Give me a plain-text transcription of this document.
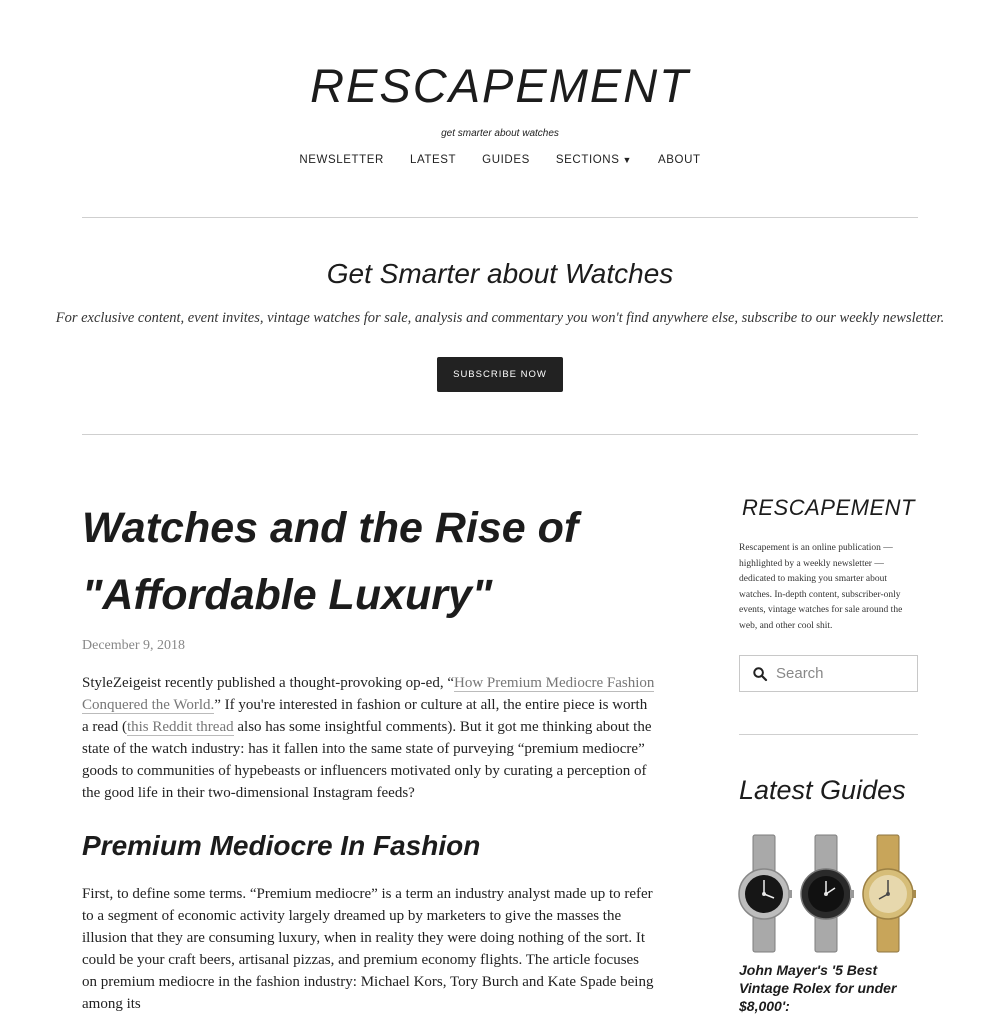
RESCAPEMENT
get smarter about watches
NEWSLETTER LATEST GUIDES SECTIONS ▼ ABOUT
Get Smarter about Watches
For exclusive content, event invites, vintage watches for sale, analysis and commentary you won't find anywhere else, subscribe to our weekly newsletter.
SUBSCRIBE NOW
Watches and the Rise of "Affordable Luxury"
December 9, 2018

StyleZeigeist recently published a thought-provoking op-ed, “How Premium Mediocre Fashion Conquered the World.” If you're interested in fashion or culture at all, the entire piece is worth a read (this Reddit thread also has some insightful comments). But it got me thinking about the state of the watch industry: has it fallen into the same state of purveying “premium mediocre” goods to communities of hypebeasts or influencers motivated only by curating a perception of the good life in their two-dimensional Instagram feeds?

Premium Mediocre In Fashion

First, to define some terms. “Premium mediocre” is a term an industry analyst made up to refer to a segment of economic activity largely dreamed up by marketers to give the masses the illusion that they are consuming luxury, when in reality they were doing nothing of the sort. It could be your craft beers, artisanal pizzas, and premium economy flights. The article focuses on premium mediocre in the fashion industry: Michael Kors, Tory Burch and Kate Spade being among its

RESCAPEMENT
Rescapement is an online publication — highlighted by a weekly newsletter — dedicated to making you smarter about watches. In-depth content, subscriber-only events, vintage watches for sale around the web, and other cool shit.
Search
Latest Guides
John Mayer's '5 Best Vintage Rolex for under $8,000':
